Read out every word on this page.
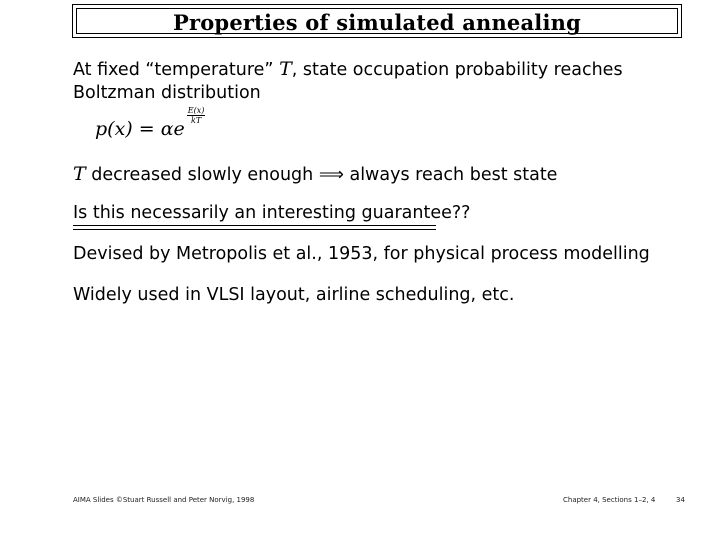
Properties of simulated annealing
At fixed “temperature” T, state occupation probability reaches
Boltzman distribution
p(x) = αe
$\frac{E(x)}{kT}$
T decreased slowly enough ⟹ always reach best state
Is this necessarily an interesting guarantee??
Devised by Metropolis et al., 1953, for physical process modelling
Widely used in VLSI layout, airline scheduling, etc.
AIMA Slides ©Stuart Russell and Peter Norvig, 1998	Chapter 4, Sections 1–2, 4	34
